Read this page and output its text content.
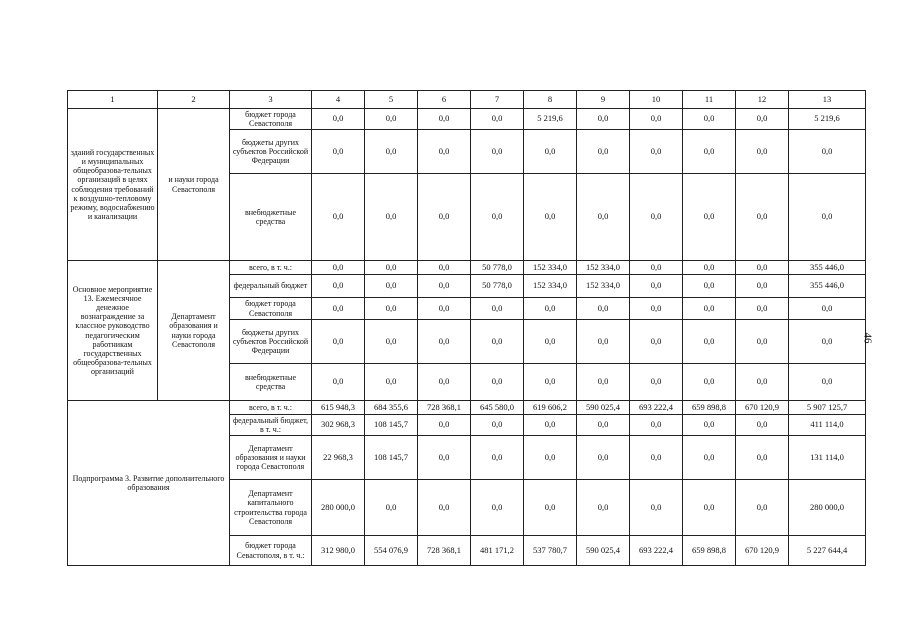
1	2	3	4	5	6	7	8	9	10	11	12	13
зданий государственных и муниципальных общеобразова-тельных организаций в целях соблюдения требований к воздушно-тепловому режиму, водоснабжению и канализации	и науки города Севастополя	бюджет города Севастополя	0,0	0,0	0,0	0,0	5 219,6	0,0	0,0	0,0	0,0	5 219,6
		бюджеты других субъектов Российской Федерации	0,0	0,0	0,0	0,0	0,0	0,0	0,0	0,0	0,0	0,0
		внебюджетные средства	0,0	0,0	0,0	0,0	0,0	0,0	0,0	0,0	0,0	0,0
Основное мероприятие 13. Ежемесячное денежное вознаграждение за классное руководство педагогическим работникам государственных общеобразова-тельных организаций	Департамент образования и науки города Севастополя	всего, в т. ч.:	0,0	0,0	0,0	50 778,0	152 334,0	152 334,0	0,0	0,0	0,0	355 446,0
		федеральный бюджет	0,0	0,0	0,0	50 778,0	152 334,0	152 334,0	0,0	0,0	0,0	355 446,0
		бюджет города Севастополя	0,0	0,0	0,0	0,0	0,0	0,0	0,0	0,0	0,0	0,0
		бюджеты других субъектов Российской Федерации	0,0	0,0	0,0	0,0	0,0	0,0	0,0	0,0	0,0	0,0
		внебюджетные средства	0,0	0,0	0,0	0,0	0,0	0,0	0,0	0,0	0,0	0,0
Подпрограмма 3. Развитие дополнительного образования		всего, в т. ч.:	615 948,3	684 355,6	728 368,1	645 580,0	619 606,2	590 025,4	693 222,4	659 898,8	670 120,9	5 907 125,7
		федеральный бюджет, в т. ч.:	302 968,3	108 145,7	0,0	0,0	0,0	0,0	0,0	0,0	0,0	411 114,0
		Департамент образования и науки города Севастополя	22 968,3	108 145,7	0,0	0,0	0,0	0,0	0,0	0,0	0,0	131 114,0
		Департамент капитального строительства города Севастополя	280 000,0	0,0	0,0	0,0	0,0	0,0	0,0	0,0	0,0	280 000,0
		бюджет города Севастополя, в т. ч.:	312 980,0	554 076,9	728 368,1	481 171,2	537 780,7	590 025,4	693 222,4	659 898,8	670 120,9	5 227 644,4
46
